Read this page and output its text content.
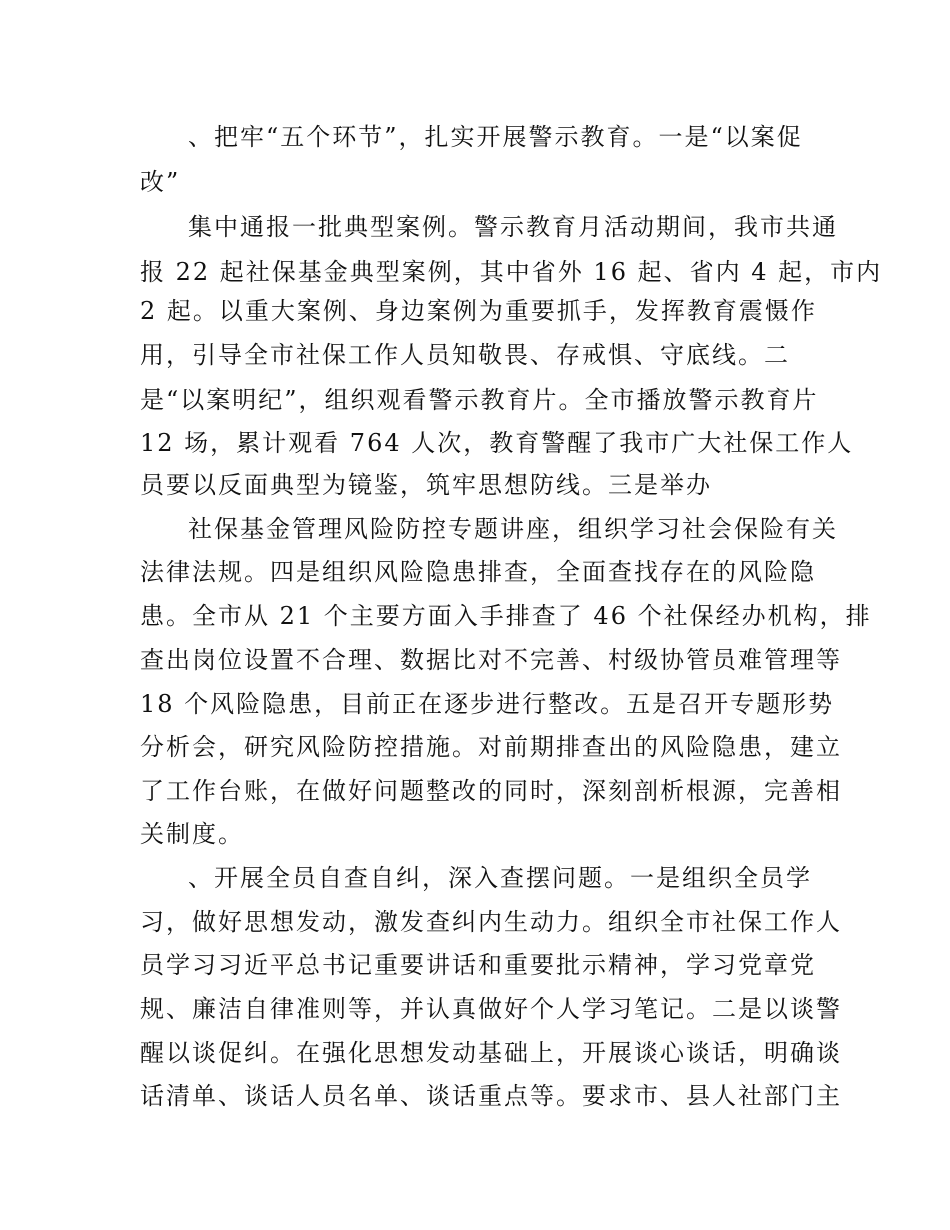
、把牢“五个环节”，扎实开展警示教育。一是“以案促
改”
集中通报一批典型案例。警示教育月活动期间，我市共通
报 22 起社保基金典型案例，其中省外 16 起、省内 4 起，市内
2 起。以重大案例、身边案例为重要抓手，发挥教育震慑作
用，引导全市社保工作人员知敬畏、存戒惧、守底线。二
是“以案明纪”，组织观看警示教育片。全市播放警示教育片
12 场，累计观看 764 人次，教育警醒了我市广大社保工作人
员要以反面典型为镜鉴，筑牢思想防线。三是举办
社保基金管理风险防控专题讲座，组织学习社会保险有关
法律法规。四是组织风险隐患排查，全面查找存在的风险隐
患。全市从 21 个主要方面入手排查了 46 个社保经办机构，排
查出岗位设置不合理、数据比对不完善、村级协管员难管理等
18 个风险隐患，目前正在逐步进行整改。五是召开专题形势
分析会，研究风险防控措施。对前期排查出的风险隐患，建立
了工作台账，在做好问题整改的同时，深刻剖析根源，完善相
关制度。
、开展全员自查自纠，深入查摆问题。一是组织全员学
习，做好思想发动，激发查纠内生动力。组织全市社保工作人
员学习习近平总书记重要讲话和重要批示精神，学习党章党
规、廉洁自律准则等，并认真做好个人学习笔记。二是以谈警
醒以谈促纠。在强化思想发动基础上，开展谈心谈话，明确谈
话清单、谈话人员名单、谈话重点等。要求市、县人社部门主
